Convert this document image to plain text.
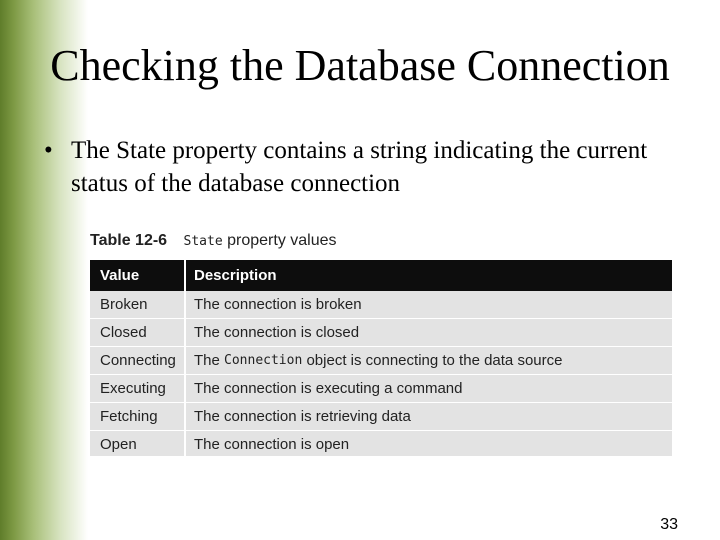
Checking the Database Connection
• The State property contains a string indicating the current status of the database connection
Table 12-6 State property values
Value	Description
Broken	The connection is broken
Closed	The connection is closed
Connecting	The Connection object is connecting to the data source
Executing	The connection is executing a command
Fetching	The connection is retrieving data
Open	The connection is open
33
